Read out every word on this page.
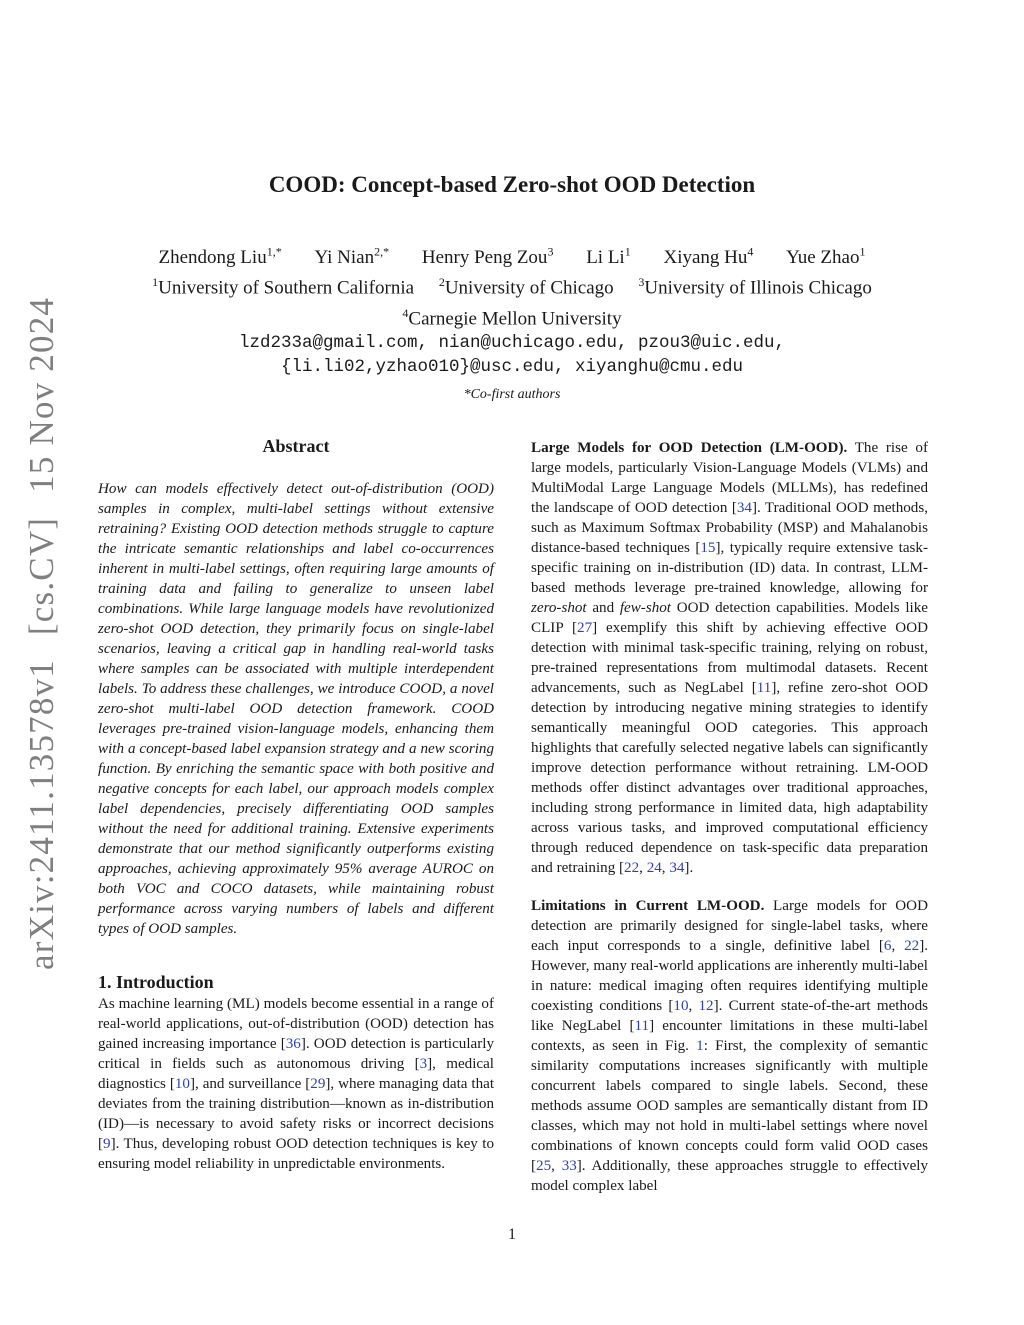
arXiv:2411.13578v1 [cs.CV] 15 Nov 2024
COOD: Concept-based Zero-shot OOD Detection
Zhendong Liu$^{1,*}$ Yi Nian$^{2,*}$ Henry Peng Zou$^3$ Li Li$^1$ Xiyang Hu$^4$ Yue Zhao$^1$
$^1$University of Southern California $^2$University of Chicago $^3$University of Illinois Chicago
$^4$Carnegie Mellon University
lzd233a@gmail.com, nian@uchicago.edu, pzou3@uic.edu,
{li.li02,yzhao010}@usc.edu, xiyanghu@cmu.edu
*Co-first authors
Abstract
How can models effectively detect out-of-distribution (OOD) samples in complex, multi-label settings without extensive retraining? Existing OOD detection methods struggle to capture the intricate semantic relationships and label co-occurrences inherent in multi-label settings, often requiring large amounts of training data and failing to generalize to unseen label combinations. While large language models have revolutionized zero-shot OOD detection, they primarily focus on single-label scenarios, leaving a critical gap in handling real-world tasks where samples can be associated with multiple interdependent labels. To address these challenges, we introduce COOD, a novel zero-shot multi-label OOD detection framework. COOD leverages pre-trained vision-language models, enhancing them with a concept-based label expansion strategy and a new scoring function. By enriching the semantic space with both positive and negative concepts for each label, our approach models complex label dependencies, precisely differentiating OOD samples without the need for additional training. Extensive experiments demonstrate that our method significantly outperforms existing approaches, achieving approximately 95% average AUROC on both VOC and COCO datasets, while maintaining robust performance across varying numbers of labels and different types of OOD samples.
1. Introduction
As machine learning (ML) models become essential in a range of real-world applications, out-of-distribution (OOD) detection has gained increasing importance [36]. OOD detection is particularly critical in fields such as autonomous driving [3], medical diagnostics [10], and surveillance [29], where managing data that deviates from the training distribution—known as in-distribution (ID)—is necessary to avoid safety risks or incorrect decisions [9]. Thus, developing robust OOD detection techniques is key to ensuring model reliability in unpredictable environments.
Large Models for OOD Detection (LM-OOD). The rise of large models, particularly Vision-Language Models (VLMs) and MultiModal Large Language Models (MLLMs), has redefined the landscape of OOD detection [34]. Traditional OOD methods, such as Maximum Softmax Probability (MSP) and Mahalanobis distance-based techniques [15], typically require extensive task-specific training on in-distribution (ID) data. In contrast, LLM-based methods leverage pre-trained knowledge, allowing for zero-shot and few-shot OOD detection capabilities. Models like CLIP [27] exemplify this shift by achieving effective OOD detection with minimal task-specific training, relying on robust, pre-trained representations from multimodal datasets. Recent advancements, such as NegLabel [11], refine zero-shot OOD detection by introducing negative mining strategies to identify semantically meaningful OOD categories. This approach highlights that carefully selected negative labels can significantly improve detection performance without retraining. LM-OOD methods offer distinct advantages over traditional approaches, including strong performance in limited data, high adaptability across various tasks, and improved computational efficiency through reduced dependence on task-specific data preparation and retraining [22, 24, 34].
Limitations in Current LM-OOD. Large models for OOD detection are primarily designed for single-label tasks, where each input corresponds to a single, definitive label [6, 22]. However, many real-world applications are inherently multi-label in nature: medical imaging often requires identifying multiple coexisting conditions [10, 12]. Current state-of-the-art methods like NegLabel [11] encounter limitations in these multi-label contexts, as seen in Fig. 1: First, the complexity of semantic similarity computations increases significantly with multiple concurrent labels compared to single labels. Second, these methods assume OOD samples are semantically distant from ID classes, which may not hold in multi-label settings where novel combinations of known concepts could form valid OOD cases [25, 33]. Additionally, these approaches struggle to effectively model complex label
1
